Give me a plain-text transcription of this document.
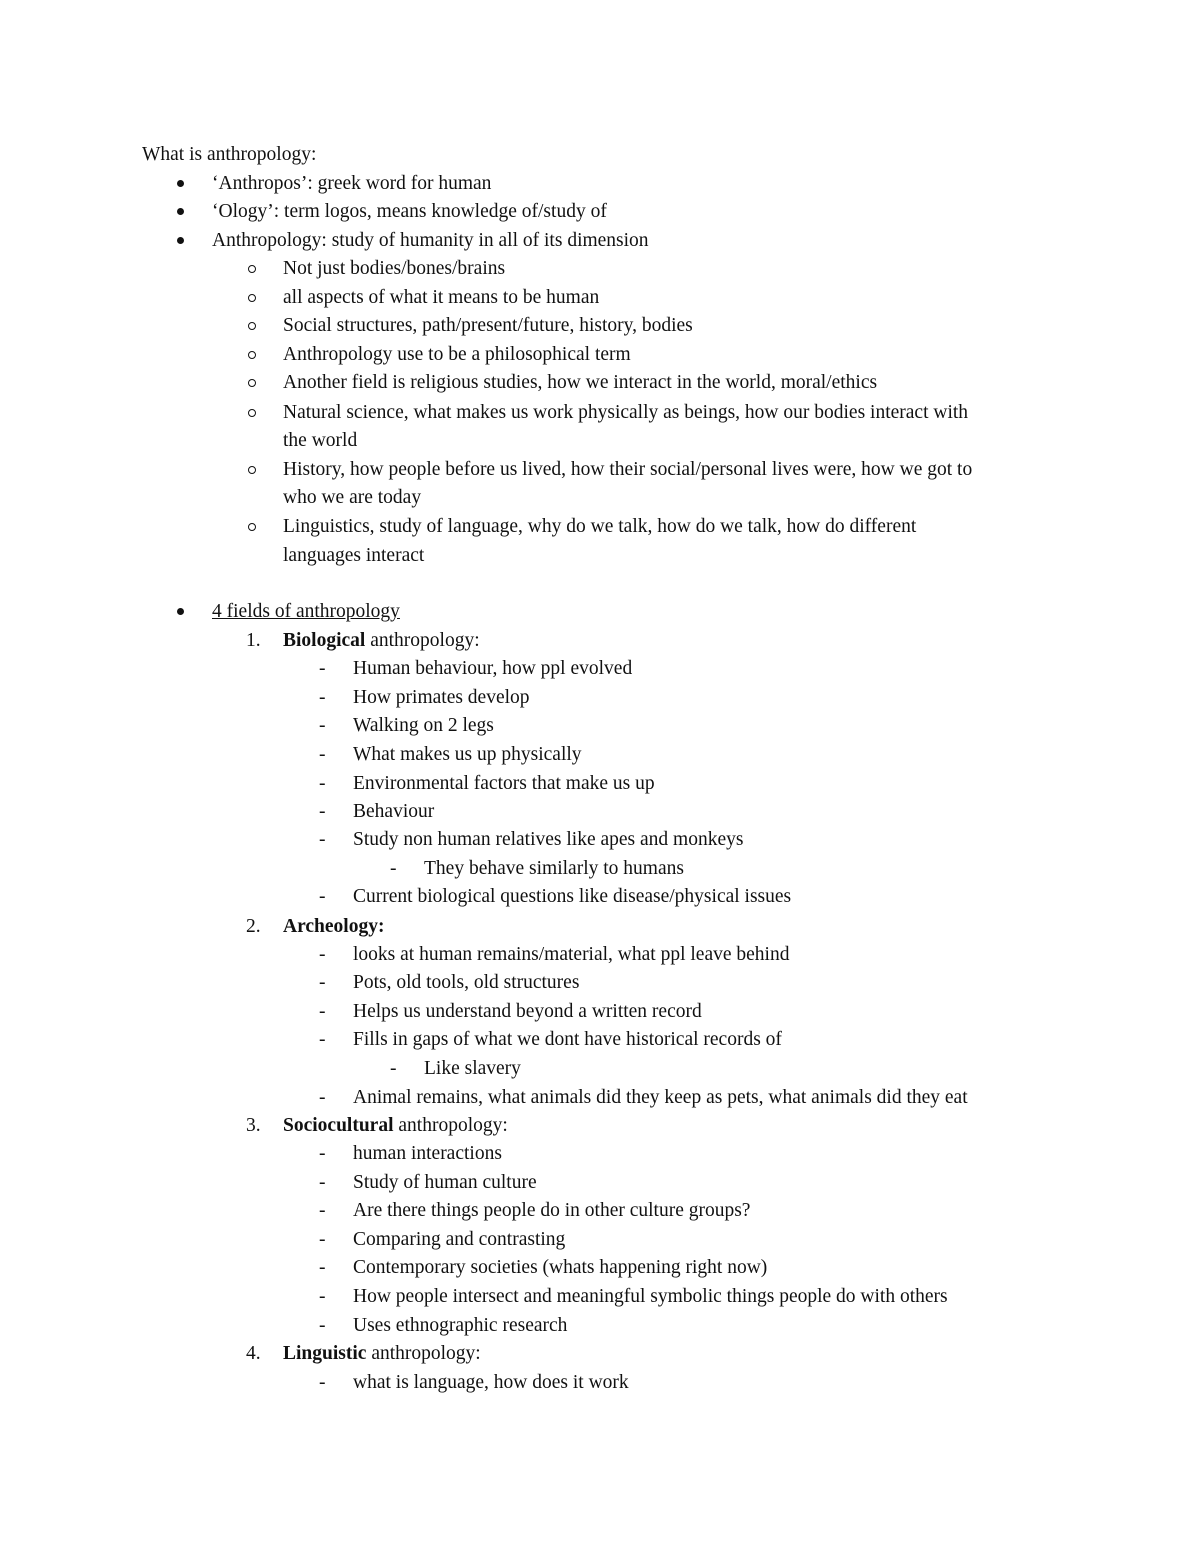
What is anthropology:
‘Anthropos’: greek word for human
‘Ology’: term logos, means knowledge of/study of
Anthropology: study of humanity in all of its dimension
Not just bodies/bones/brains
all aspects of what it means to be human
Social structures, path/present/future, history, bodies
Anthropology use to be a philosophical term
Another field is religious studies, how we interact in the world, moral/ethics
Natural science, what makes us work physically as beings, how our bodies interact with
the world
History, how people before us lived, how their social/personal lives were, how we got to
who we are today
Linguistics, study of language, why do we talk, how do we talk, how do different
languages interact
4 fields of anthropology
1. Biological anthropology:
- Human behaviour, how ppl evolved
- How primates develop
- Walking on 2 legs
- What makes us up physically
- Environmental factors that make us up
- Behaviour
- Study non human relatives like apes and monkeys
- They behave similarly to humans
- Current biological questions like disease/physical issues
2. Archeology:
- looks at human remains/material, what ppl leave behind
- Pots, old tools, old structures
- Helps us understand beyond a written record
- Fills in gaps of what we dont have historical records of
- Like slavery
- Animal remains, what animals did they keep as pets, what animals did they eat
3. Sociocultural anthropology:
- human interactions
- Study of human culture
- Are there things people do in other culture groups?
- Comparing and contrasting
- Contemporary societies (whats happening right now)
- How people intersect and meaningful symbolic things people do with others
- Uses ethnographic research
4. Linguistic anthropology:
- what is language, how does it work
